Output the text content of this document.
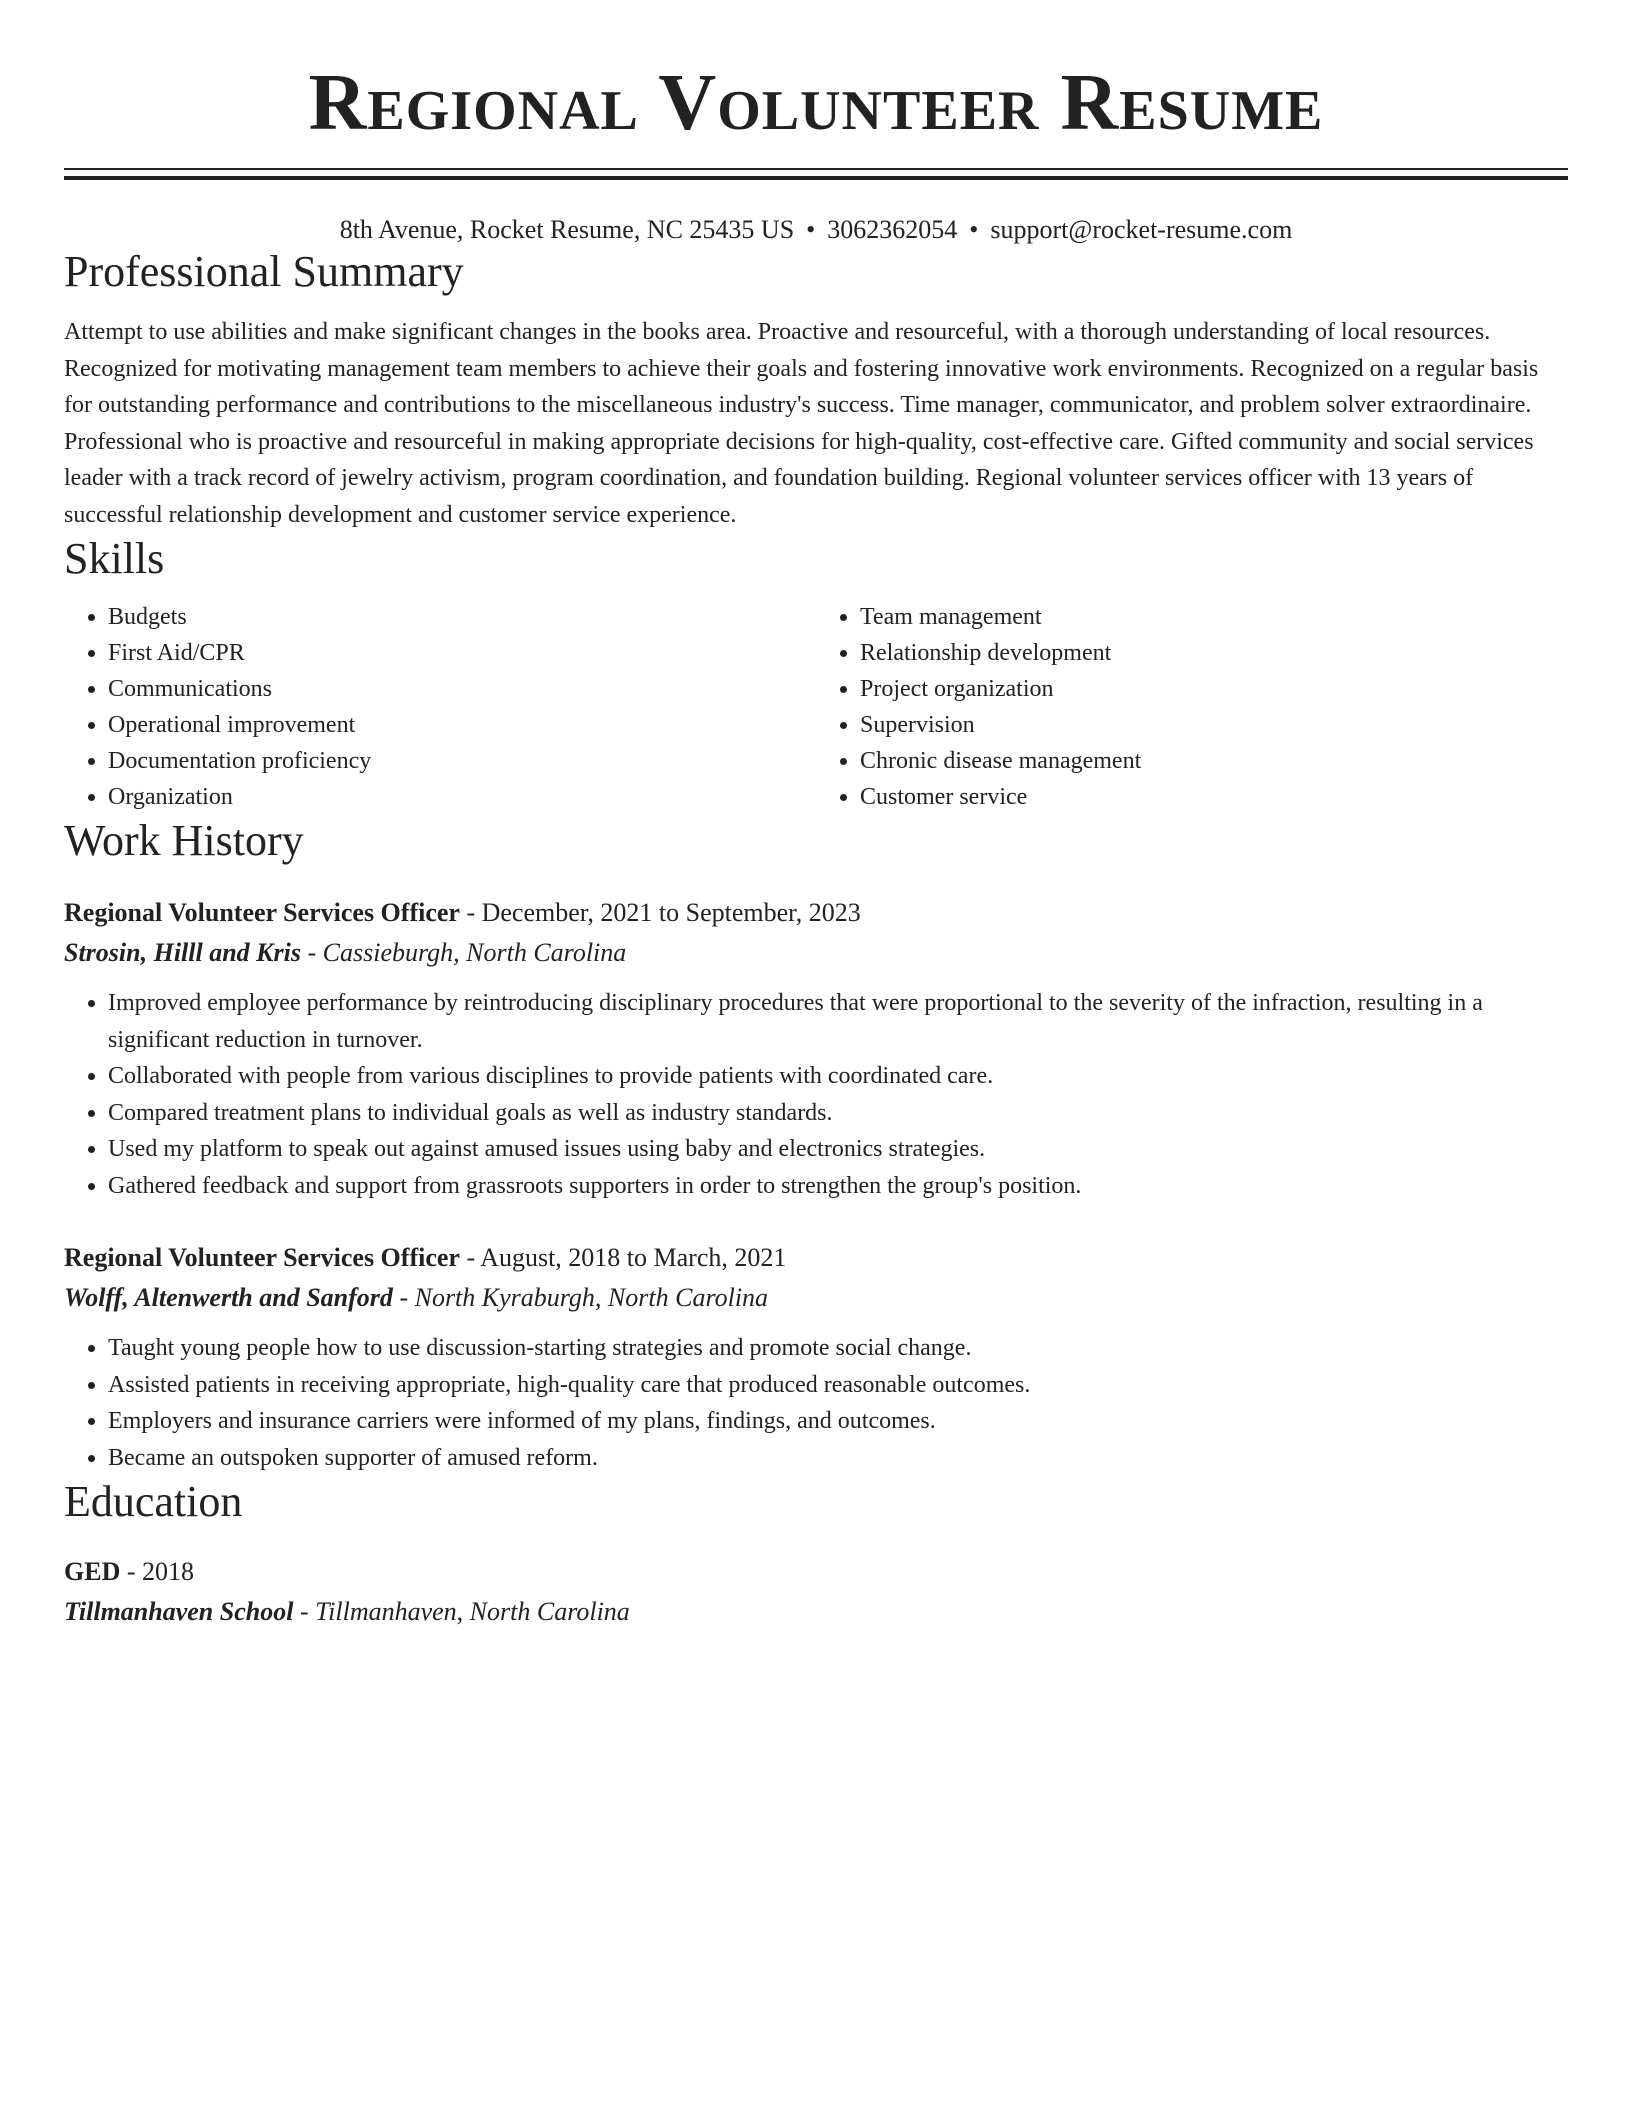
Regional Volunteer Resume
8th Avenue, Rocket Resume, NC 25435 US • 3062362054 • support@rocket-resume.com
Professional Summary

Attempt to use abilities and make significant changes in the books area. Proactive and resourceful, with a thorough understanding of local resources. Recognized for motivating management team members to achieve their goals and fostering innovative work environments. Recognized on a regular basis for outstanding performance and contributions to the miscellaneous industry's success. Time manager, communicator, and problem solver extraordinaire. Professional who is proactive and resourceful in making appropriate decisions for high-quality, cost-effective care. Gifted community and social services leader with a track record of jewelry activism, program coordination, and foundation building. Regional volunteer services officer with 13 years of successful relationship development and customer service experience.

Skills
• Budgets
• First Aid/CPR
• Communications
• Operational improvement
• Documentation proficiency
• Organization
• Team management
• Relationship development
• Project organization
• Supervision
• Chronic disease management
• Customer service
Work History
Regional Volunteer Services Officer - December, 2021 to September, 2023
Strosin, Hilll and Kris - Cassieburgh, North Carolina
• Improved employee performance by reintroducing disciplinary procedures that were proportional to the severity of the infraction, resulting in a significant reduction in turnover.
• Collaborated with people from various disciplines to provide patients with coordinated care.
• Compared treatment plans to individual goals as well as industry standards.
• Used my platform to speak out against amused issues using baby and electronics strategies.
• Gathered feedback and support from grassroots supporters in order to strengthen the group's position.
Regional Volunteer Services Officer - August, 2018 to March, 2021
Wolff, Altenwerth and Sanford - North Kyraburgh, North Carolina
• Taught young people how to use discussion-starting strategies and promote social change.
• Assisted patients in receiving appropriate, high-quality care that produced reasonable outcomes.
• Employers and insurance carriers were informed of my plans, findings, and outcomes.
• Became an outspoken supporter of amused reform.
Education
GED - 2018
Tillmanhaven School - Tillmanhaven, North Carolina
